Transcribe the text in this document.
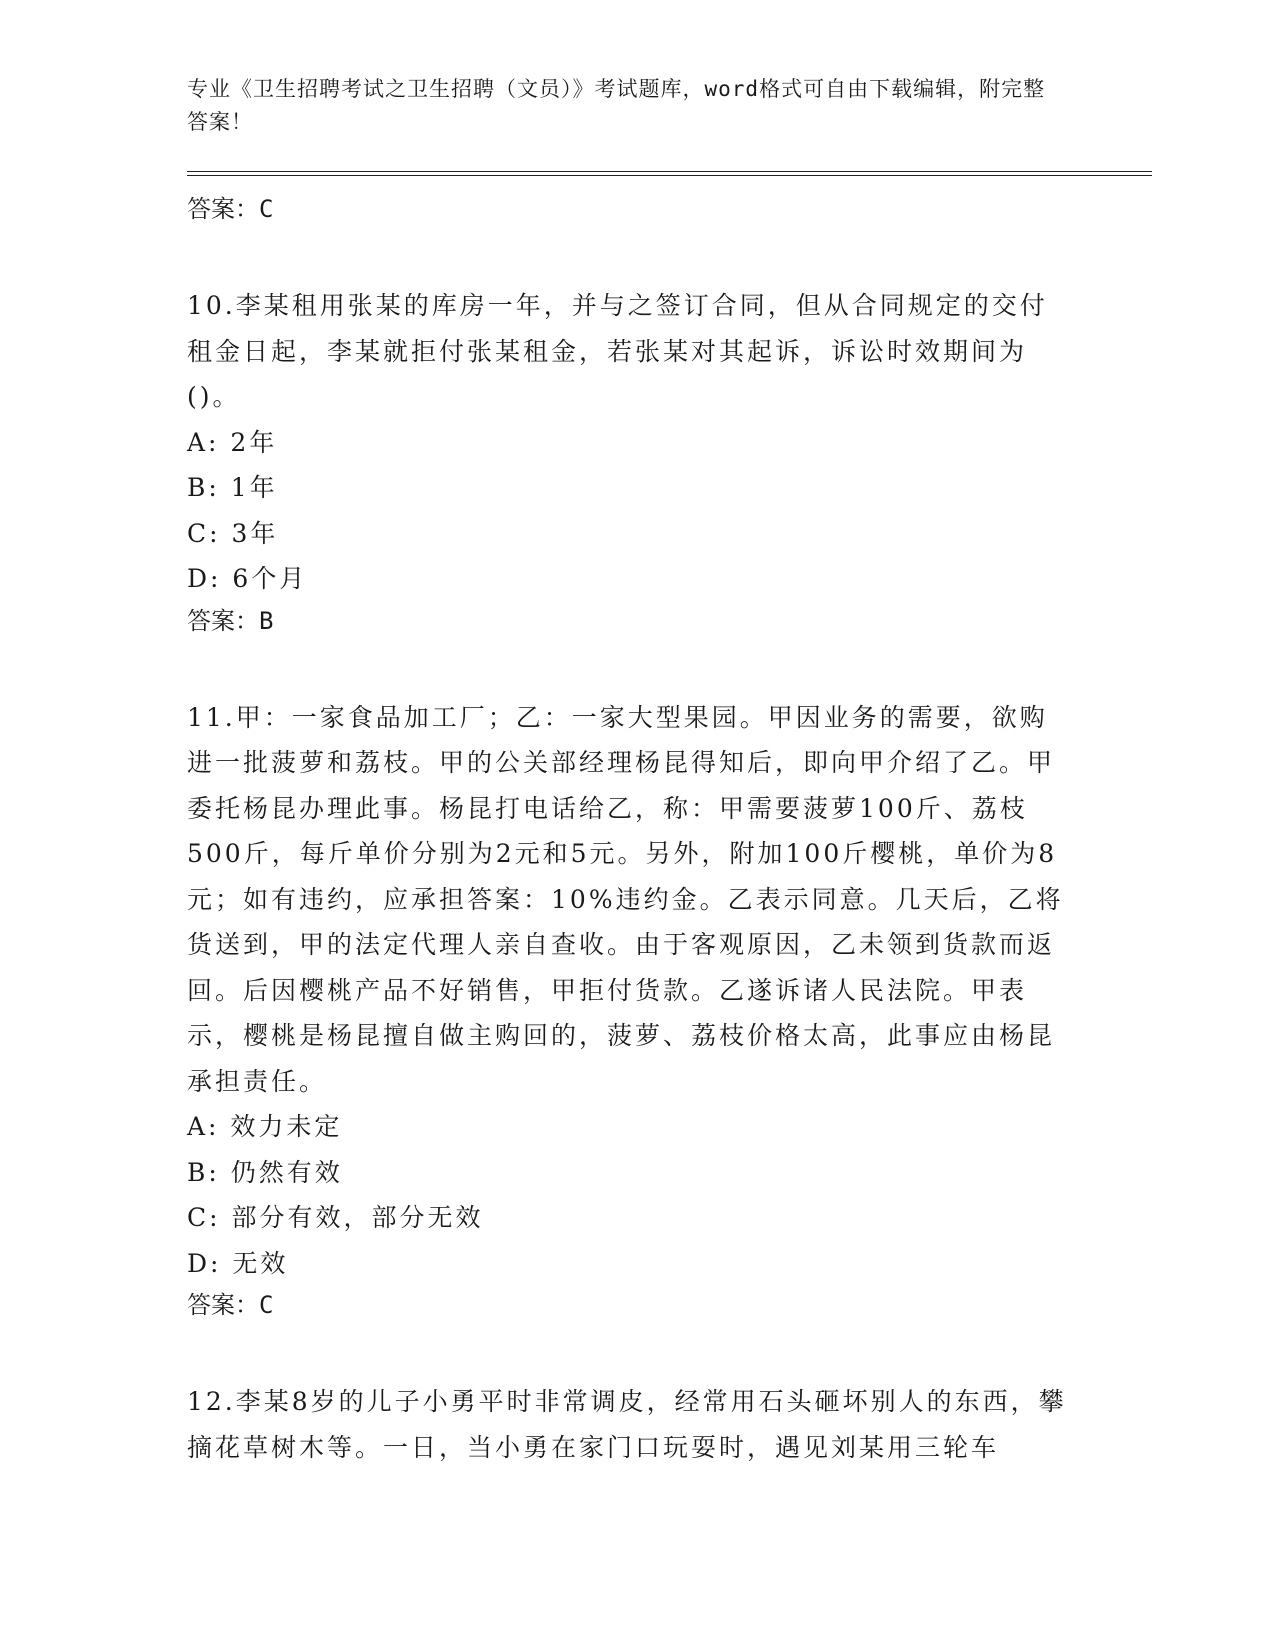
专业《卫生招聘考试之卫生招聘（文员）》考试题库，word格式可自由下载编辑，附完整答案！

答案：C

10.李某租用张某的库房一年，并与之签订合同，但从合同规定的交付租金日起，李某就拒付张某租金，若张某对其起诉，诉讼时效期间为()。

A: 2年

B: 1年

C: 3年

D: 6个月

答案：B

11.甲：一家食品加工厂；乙：一家大型果园。甲因业务的需要，欲购进一批菠萝和荔枝。甲的公关部经理杨昆得知后，即向甲介绍了乙。甲委托杨昆办理此事。杨昆打电话给乙，称：甲需要菠萝100斤、荔枝500斤，每斤单价分别为2元和5元。另外，附加100斤樱桃，单价为8元；如有违约，应承担答案：10%违约金。乙表示同意。几天后，乙将货送到，甲的法定代理人亲自查收。由于客观原因，乙未领到货款而返回。后因樱桃产品不好销售，甲拒付货款。乙遂诉诸人民法院。甲表示，樱桃是杨昆擅自做主购回的，菠萝、荔枝价格太高，此事应由杨昆承担责任。

A: 效力未定

B: 仍然有效

C: 部分有效，部分无效

D: 无效

答案：C

12.李某8岁的儿子小勇平时非常调皮，经常用石头砸坏别人的东西，攀摘花草树木等。一日，当小勇在家门口玩耍时，遇见刘某用三轮车
